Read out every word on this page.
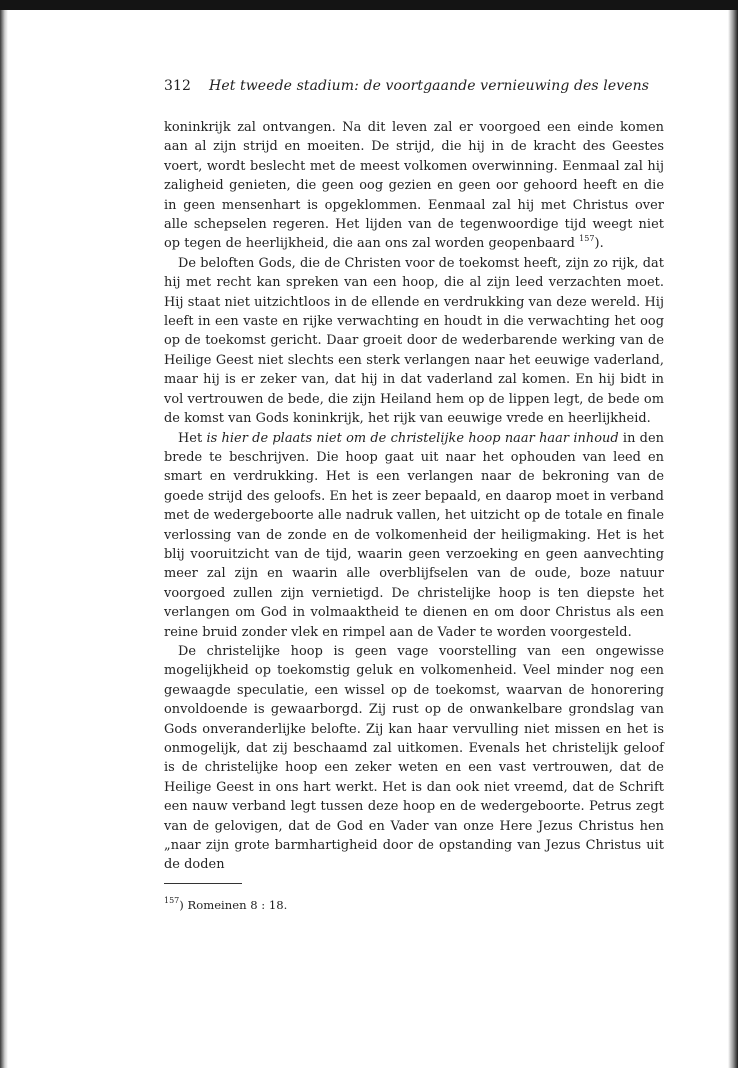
312 Het tweede stadium: de voortgaande vernieuwing des levens

koninkrijk zal ontvangen. Na dit leven zal er voorgoed een einde komen aan al zijn strijd en moeiten. De strijd, die hij in de kracht des Geestes voert, wordt beslecht met de meest volkomen overwinning. Eenmaal zal hij zaligheid genieten, die geen oog gezien en geen oor gehoord heeft en die in geen mensenhart is opgeklommen. Eenmaal zal hij met Christus over alle schepselen regeren. Het lijden van de tegenwoordige tijd weegt niet op tegen de heerlijkheid, die aan ons zal worden geopenbaard $^{157}$).

De beloften Gods, die de Christen voor de toekomst heeft, zijn zo rijk, dat hij met recht kan spreken van een hoop, die al zijn leed verzachten moet. Hij staat niet uitzichtloos in de ellende en verdrukking van deze wereld. Hij leeft in een vaste en rijke verwachting en houdt in die verwachting het oog op de toekomst gericht. Daar groeit door de wederbarende werking van de Heilige Geest niet slechts een sterk verlangen naar het eeuwige vaderland, maar hij is er zeker van, dat hij in dat vaderland zal komen. En hij bidt in vol vertrouwen de bede, die zijn Heiland hem op de lippen legt, de bede om de komst van Gods koninkrijk, het rijk van eeuwige vrede en heerlijkheid.

Het is hier de plaats niet om de christelijke hoop naar haar inhoud in den brede te beschrijven. Die hoop gaat uit naar het ophouden van leed en smart en verdrukking. Het is een verlangen naar de bekroning van de goede strijd des geloofs. En het is zeer bepaald, en daarop moet in verband met de wedergeboorte alle nadruk vallen, het uitzicht op de totale en finale verlossing van de zonde en de volkomenheid der heiligmaking. Het is het blij vooruitzicht van de tijd, waarin geen verzoeking en geen aanvechting meer zal zijn en waarin alle overblijfselen van de oude, boze natuur voorgoed zullen zijn vernietigd. De christelijke hoop is ten diepste het verlangen om God in volmaaktheid te dienen en om door Christus als een reine bruid zonder vlek en rimpel aan de Vader te worden voorgesteld.

De christelijke hoop is geen vage voorstelling van een ongewisse mogelijkheid op toekomstig geluk en volkomenheid. Veel minder nog een gewaagde speculatie, een wissel op de toekomst, waarvan de honorering onvoldoende is gewaarborgd. Zij rust op de onwankelbare grondslag van Gods onveranderlijke belofte. Zij kan haar vervulling niet missen en het is onmogelijk, dat zij beschaamd zal uitkomen. Evenals het christelijk geloof is de christelijke hoop een zeker weten en een vast vertrouwen, dat de Heilige Geest in ons hart werkt. Het is dan ook niet vreemd, dat de Schrift een nauw verband legt tussen deze hoop en de wedergeboorte. Petrus zegt van de gelovigen, dat de God en Vader van onze Here Jezus Christus hen „naar zijn grote barmhartigheid door de opstanding van Jezus Christus uit de doden

$^{157}$) Romeinen 8 : 18.
